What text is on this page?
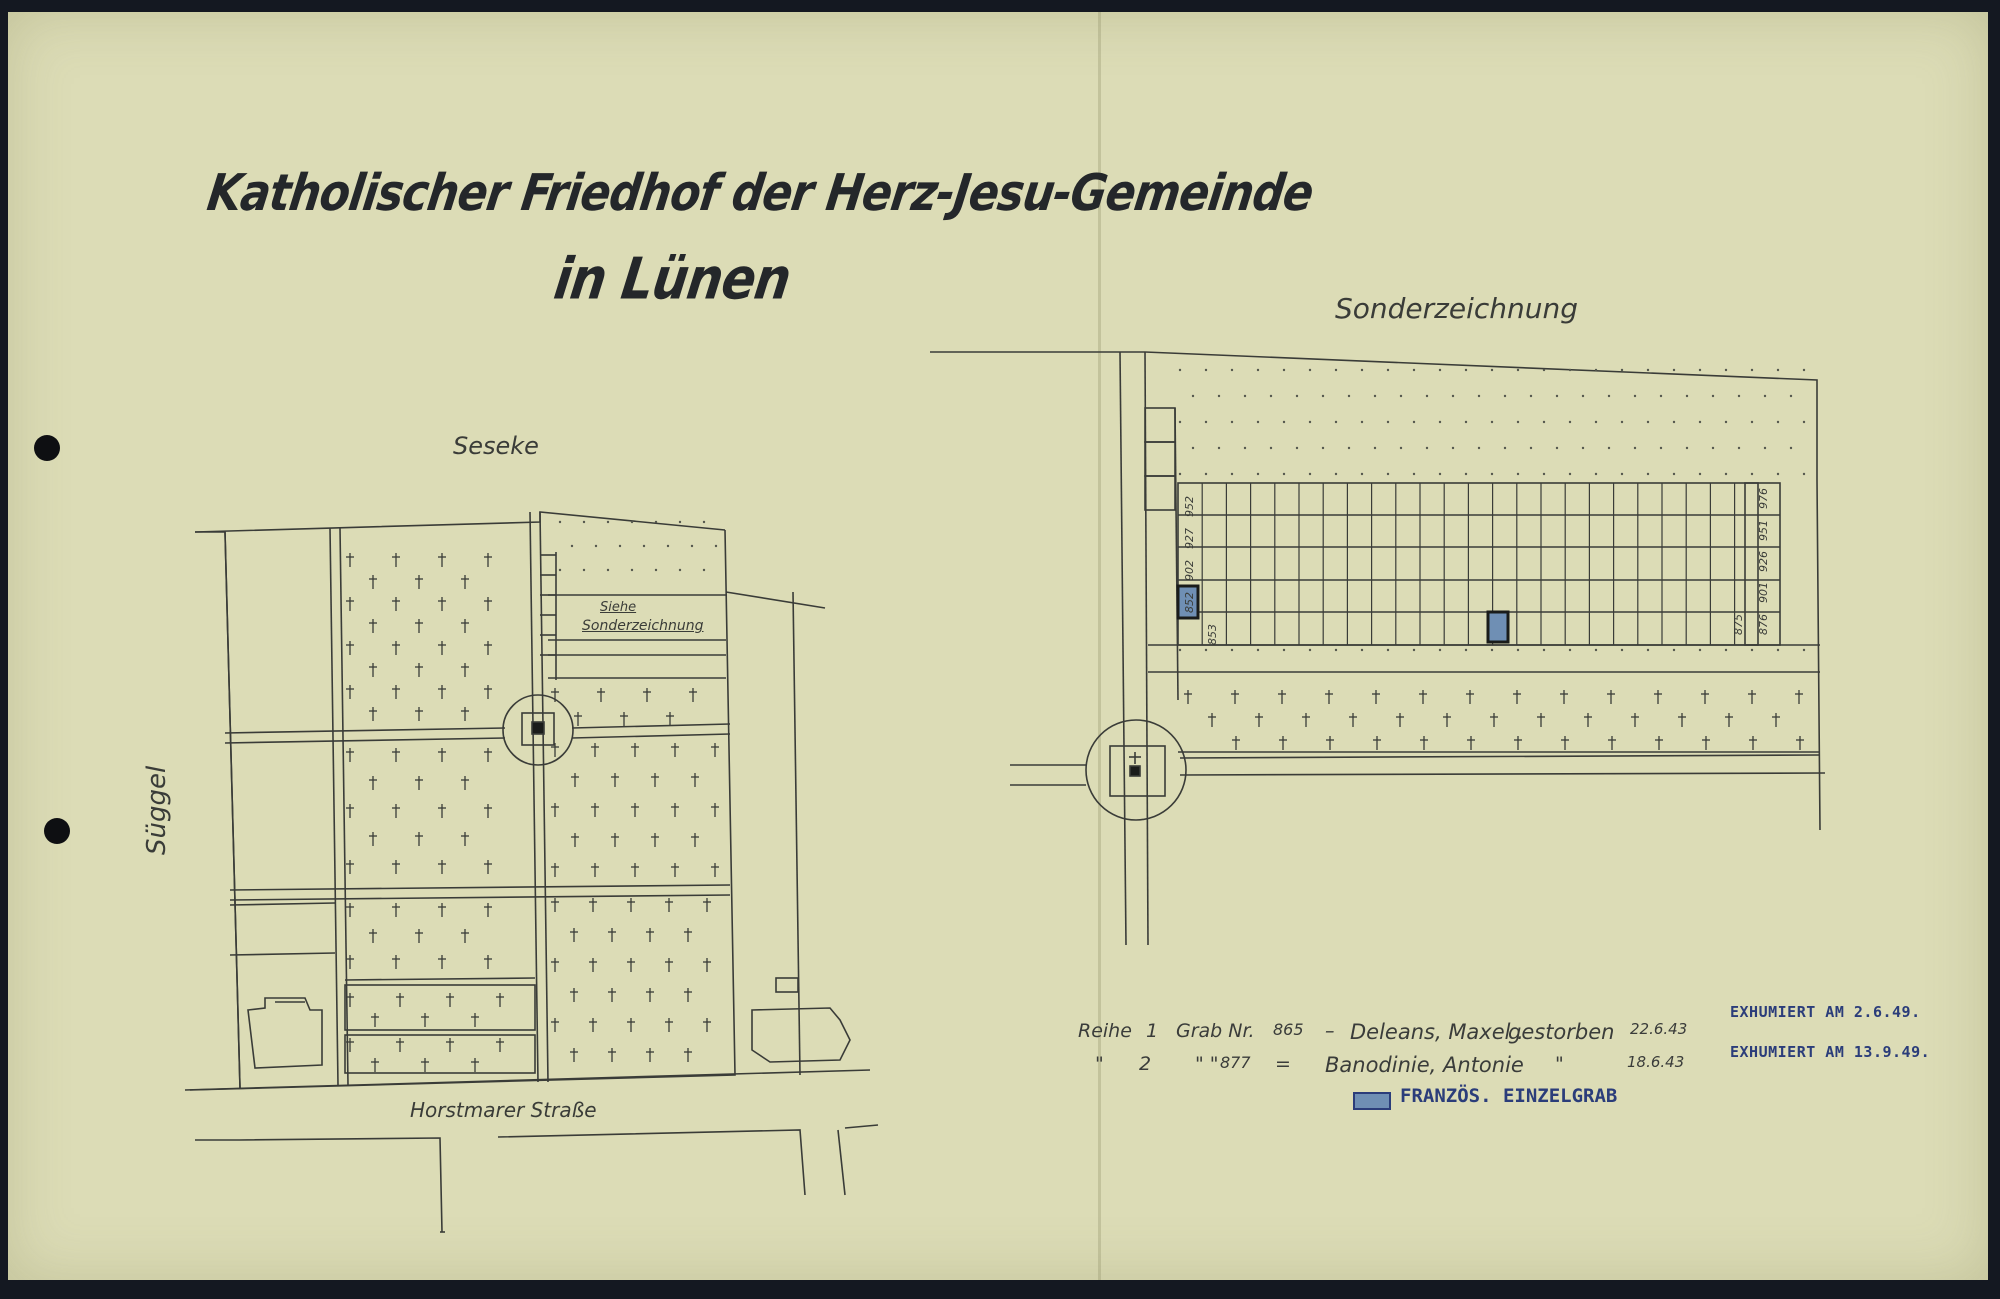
Katholischer Friedhof der Herz-Jesu-Gemeinde
in Lünen
Seseke
Süggel
Horstmarer Straße
Sonderzeichnung
Siehe
Sonderzeichnung
852
902
927
952
853	875 876
901
926
951
976
Reihe 1 Grab Nr. 865 – Deleans, Maxel .
gestorben 22.6.43
" 2 " " 877 = Banodinie, Antonie "	18.6.43
EXHUMIERT AM 2.6.49.
EXHUMIERT AM 13.9.49.
FRANZÖS. EINZELGRAB
